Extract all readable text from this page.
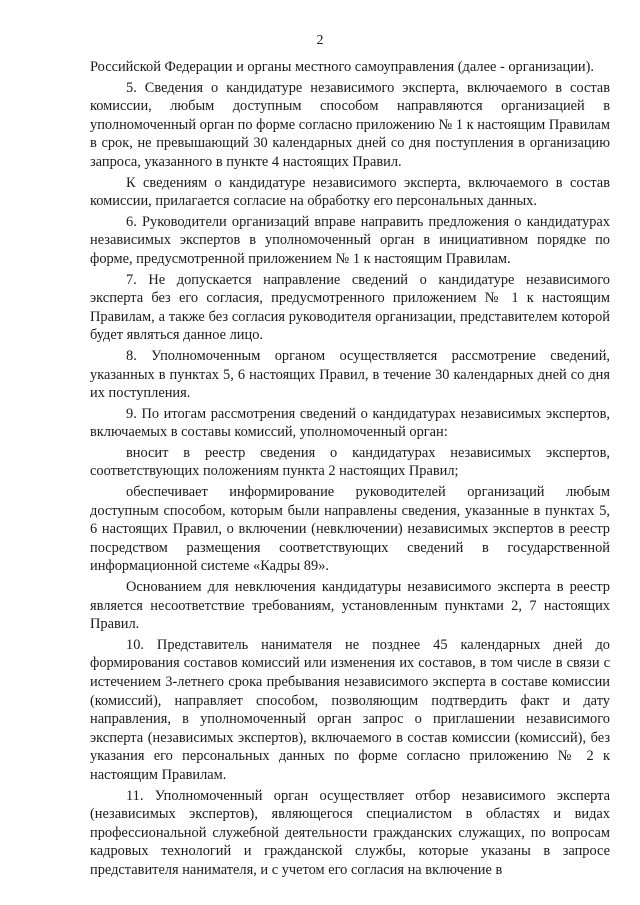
2

Российской Федерации и органы местного самоуправления (далее - организации).

5. Сведения о кандидатуре независимого эксперта, включаемого в состав комиссии, любым доступным способом направляются организацией в уполномоченный орган по форме согласно приложению № 1 к настоящим Правилам в срок, не превышающий 30 календарных дней со дня поступления в организацию запроса, указанного в пункте 4 настоящих Правил.

К сведениям о кандидатуре независимого эксперта, включаемого в состав комиссии, прилагается согласие на обработку его персональных данных.

6. Руководители организаций вправе направить предложения о кандидатурах независимых экспертов в уполномоченный орган в инициативном порядке по форме, предусмотренной приложением № 1 к настоящим Правилам.

7. Не допускается направление сведений о кандидатуре независимого эксперта без его согласия, предусмотренного приложением № 1 к настоящим Правилам, а также без согласия руководителя организации, представителем которой будет являться данное лицо.

8. Уполномоченным органом осуществляется рассмотрение сведений, указанных в пунктах 5, 6 настоящих Правил, в течение 30 календарных дней со дня их поступления.

9. По итогам рассмотрения сведений о кандидатурах независимых экспертов, включаемых в составы комиссий, уполномоченный орган:

вносит в реестр сведения о кандидатурах независимых экспертов, соответствующих положениям пункта 2 настоящих Правил;

обеспечивает информирование руководителей организаций любым доступным способом, которым были направлены сведения, указанные в пунктах 5, 6 настоящих Правил, о включении (невключении) независимых экспертов в реестр посредством размещения соответствующих сведений в государственной информационной системе «Кадры 89».

Основанием для невключения кандидатуры независимого эксперта в реестр является несоответствие требованиям, установленным пунктами 2, 7 настоящих Правил.

10. Представитель нанимателя не позднее 45 календарных дней до формирования составов комиссий или изменения их составов, в том числе в связи с истечением 3-летнего срока пребывания независимого эксперта в составе комиссии (комиссий), направляет способом, позволяющим подтвердить факт и дату направления, в уполномоченный орган запрос о приглашении независимого эксперта (независимых экспертов), включаемого в состав комиссии (комиссий), без указания его персональных данных по форме согласно приложению № 2 к настоящим Правилам.

11. Уполномоченный орган осуществляет отбор независимого эксперта (независимых экспертов), являющегося специалистом в областях и видах профессиональной служебной деятельности гражданских служащих, по вопросам кадровых технологий и гражданской службы, которые указаны в запросе представителя нанимателя, и с учетом его согласия на включение в
